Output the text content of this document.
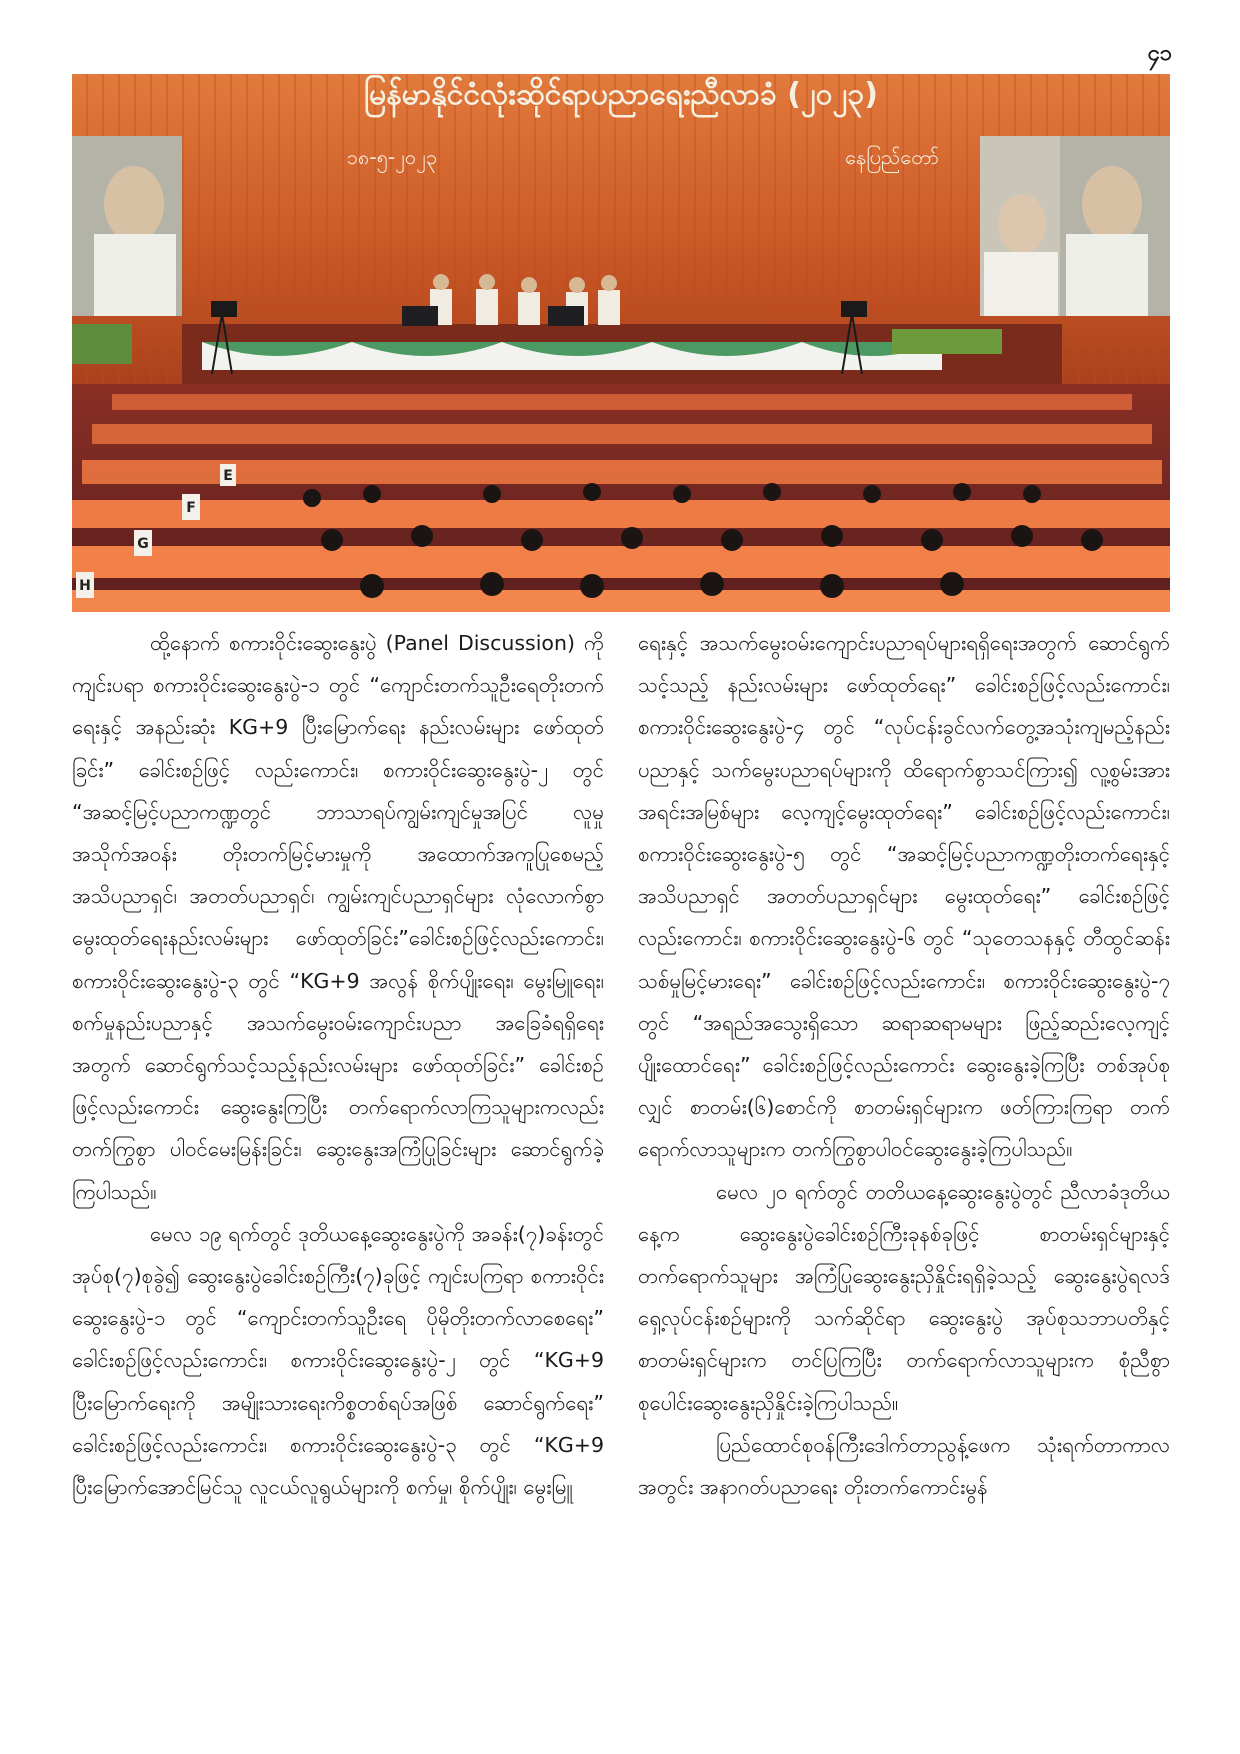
၄၁
မြန်မာနိုင်ငံလုံးဆိုင်ရာပညာရေးညီလာခံ (၂၀၂၃)
၁၈-၅-၂၀၂၃	နေပြည်တော်
H
G
F
E

ထို့နောက် စကားဝိုင်းဆွေးနွေးပွဲ (Panel Discussion) ကို ကျင်းပရာ စကားဝိုင်းဆွေးနွေးပွဲ-၁ တွင် “ကျောင်းတက်သူဦးရေတိုးတက်ရေးနှင့် အနည်းဆုံး KG+9 ပြီးမြောက်ရေး နည်းလမ်းများ ဖော်ထုတ်ခြင်း” ခေါင်းစဉ်ဖြင့် လည်းကောင်း၊ စကားဝိုင်းဆွေးနွေးပွဲ-၂ တွင် “အဆင့်မြင့်ပညာကဏ္ဍတွင် ဘာသာရပ်ကျွမ်းကျင်မှုအပြင် လူမှုအသိုက်အဝန်း တိုးတက်မြင့်မားမှုကို အထောက်အကူပြုစေမည့် အသိပညာရှင်၊ အတတ်ပညာရှင်၊ ကျွမ်းကျင်ပညာရှင်များ လုံလောက်စွာ မွေးထုတ်ရေးနည်းလမ်းများ ဖော်ထုတ်ခြင်း”ခေါင်းစဉ်ဖြင့်လည်းကောင်း၊ စကားဝိုင်းဆွေးနွေးပွဲ-၃ တွင် “KG+9 အလွန် စိုက်ပျိုးရေး၊ မွေးမြူရေး၊ စက်မှုနည်းပညာနှင့် အသက်မွေးဝမ်းကျောင်းပညာ အခြေခံရရှိရေးအတွက် ဆောင်ရွက်သင့်သည့်နည်းလမ်းများ ဖော်ထုတ်ခြင်း” ခေါင်းစဉ်ဖြင့်လည်းကောင်း ဆွေးနွေးကြပြီး တက်ရောက်လာကြသူများကလည်း တက်ကြွစွာ ပါဝင်မေးမြန်းခြင်း၊ ဆွေးနွေးအကြံပြုခြင်းများ ဆောင်ရွက်ခဲ့ကြပါသည်။

မေလ ၁၉ ရက်တွင် ဒုတိယနေ့ဆွေးနွေးပွဲကို အခန်း(၇)ခန်းတွင် အုပ်စု(၇)စုခွဲ၍ ဆွေးနွေးပွဲခေါင်းစဉ်ကြီး(၇)ခုဖြင့် ကျင်းပကြရာ စကားဝိုင်းဆွေးနွေးပွဲ-၁ တွင် “ကျောင်းတက်သူဦးရေ ပိုမိုတိုးတက်လာစေရေး” ခေါင်းစဉ်ဖြင့်လည်းကောင်း၊ စကားဝိုင်းဆွေးနွေးပွဲ-၂ တွင် “KG+9 ပြီးမြောက်ရေးကို အမျိုးသားရေးကိစ္စတစ်ရပ်အဖြစ် ဆောင်ရွက်ရေး” ခေါင်းစဉ်ဖြင့်လည်းကောင်း၊ စကားဝိုင်းဆွေးနွေးပွဲ-၃ တွင် “KG+9 ပြီးမြောက်အောင်မြင်သူ လူငယ်လူရွယ်များကို စက်မှု၊ စိုက်ပျိုး၊ မွေးမြူ

ရေးနှင့် အသက်မွေးဝမ်းကျောင်းပညာရပ်များရရှိရေးအတွက် ဆောင်ရွက်သင့်သည့် နည်းလမ်းများ ဖော်ထုတ်ရေး” ခေါင်းစဉ်ဖြင့်လည်းကောင်း၊ စကားဝိုင်းဆွေးနွေးပွဲ-၄ တွင် “လုပ်ငန်းခွင်လက်တွေ့အသုံးကျမည့်နည်းပညာနှင့် သက်မွေးပညာရပ်များကို ထိရောက်စွာသင်ကြား၍ လူ့စွမ်းအားအရင်းအမြစ်များ လေ့ကျင့်မွေးထုတ်ရေး” ခေါင်းစဉ်ဖြင့်လည်းကောင်း၊ စကားဝိုင်းဆွေးနွေးပွဲ-၅ တွင် “အဆင့်မြင့်ပညာကဏ္ဍတိုးတက်ရေးနှင့် အသိပညာရှင် အတတ်ပညာရှင်များ မွေးထုတ်ရေး” ခေါင်းစဉ်ဖြင့်လည်းကောင်း၊ စကားဝိုင်းဆွေးနွေးပွဲ-၆ တွင် “သုတေသနနှင့် တီထွင်ဆန်းသစ်မှုမြင့်မားရေး” ခေါင်းစဉ်ဖြင့်လည်းကောင်း၊ စကားဝိုင်းဆွေးနွေးပွဲ-၇ တွင် “အရည်အသွေးရှိသော ဆရာဆရာမများ ဖြည့်ဆည်းလေ့ကျင့်ပျိုးထောင်ရေး” ခေါင်းစဉ်ဖြင့်လည်းကောင်း ဆွေးနွေးခဲ့ကြပြီး တစ်အုပ်စုလျှင် စာတမ်း(၆)စောင်ကို စာတမ်းရှင်များက ဖတ်ကြားကြရာ တက်ရောက်လာသူများက တက်ကြွစွာပါဝင်ဆွေးနွေးခဲ့ကြပါသည်။

မေလ ၂၀ ရက်တွင် တတိယနေ့ဆွေးနွေးပွဲတွင် ညီလာခံဒုတိယနေ့က ဆွေးနွေးပွဲခေါင်းစဉ်ကြီးခုနစ်ခုဖြင့် စာတမ်းရှင်များနှင့် တက်ရောက်သူများ အကြံပြုဆွေးနွေးညှိနှိုင်းရရှိခဲ့သည့် ဆွေးနွေးပွဲရလဒ်ရှေ့လုပ်ငန်းစဉ်များကို သက်ဆိုင်ရာ ဆွေးနွေးပွဲ အုပ်စုသဘာပတိနှင့် စာတမ်းရှင်များက တင်ပြကြပြီး တက်ရောက်လာသူများက စုံညီစွာ စုပေါင်းဆွေးနွေးညှိနှိုင်းခဲ့ကြပါသည်။

ပြည်ထောင်စုဝန်ကြီးဒေါက်တာညွန့်ဖေက သုံးရက်တာကာလအတွင်း အနာဂတ်ပညာရေး တိုးတက်ကောင်းမွန်
